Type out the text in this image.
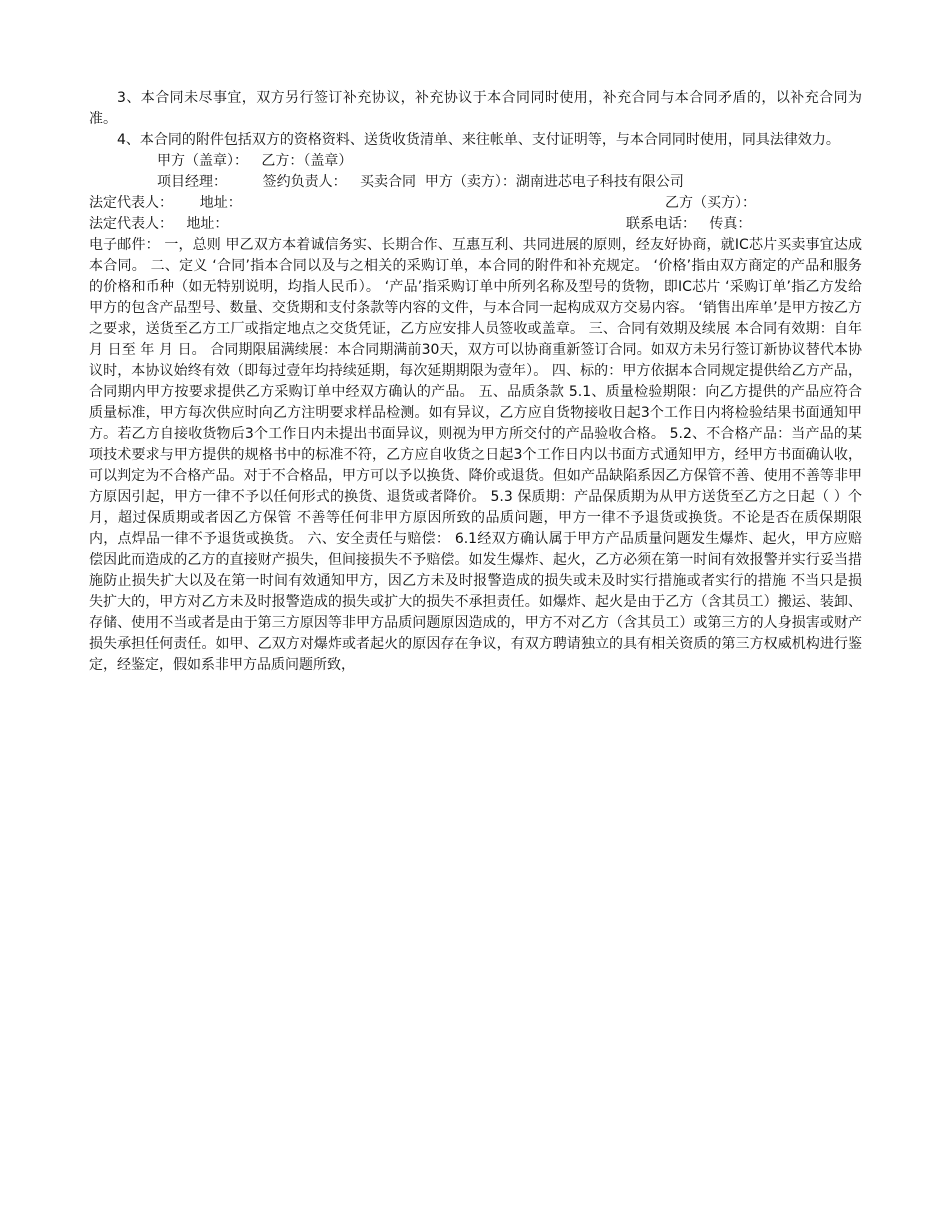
3、本合同未尽事宜，双方另行签订补充协议，补充协议于本合同同时使用，补充合同与本合同矛盾的，以补充合同为准。

4、本合同的附件包括双方的资格资料、送货收货清单、来往帐单、支付证明等，与本合同同时使用，同具法律效力。

甲方（盖章）：   乙方：（盖章）
项目经理：        签约负责人：   买卖合同  甲方（卖方）：湖南进芯电子科技有限公司

法定代表人：      地址：

	乙方（买方）：

法定代表人：   地址：

	联系电话：   传真：

电子邮件： 一，总则 甲乙双方本着诚信务实、长期合作、互惠互利、共同进展的原则，经友好协商，就IC芯片买卖事宜达成本合同。 二、定义 ‘合同’指本合同以及与之相关的采购订单，本合同的附件和补充规定。 ‘价格’指由双方商定的产品和服务的价格和币种（如无特别说明，均指人民币）。 ‘产品’指采购订单中所列名称及型号的货物，即IC芯片 ‘采购订单’指乙方发给甲方的包含产品型号、数量、交货期和支付条款等内容的文件，与本合同一起构成双方交易内容。 ‘销售出库单’是甲方按乙方之要求，送货至乙方工厂或指定地点之交货凭证，乙方应安排人员签收或盖章。 三、合同有效期及续展 本合同有效期：自年 月 日至 年 月 日。 合同期限届满续展：本合同期满前30天，双方可以协商重新签订合同。如双方未另行签订新协议替代本协议时，本协议始终有效（即每过壹年均持续延期，每次延期期限为壹年）。 四、标的：甲方依据本合同规定提供给乙方产品，合同期内甲方按要求提供乙方采购订单中经双方确认的产品。 五、品质条款 5.1、质量检验期限：向乙方提供的产品应符合质量标准，甲方每次供应时向乙方注明要求样品检测。如有异议，乙方应自货物接收日起3个工作日内将检验结果书面通知甲方。若乙方自接收货物后3个工作日内未提出书面异议，则视为甲方所交付的产品验收合格。 5.2、不合格产品：当产品的某项技术要求与甲方提供的规格书中的标准不符，乙方应自收货之日起3个工作日内以书面方式通知甲方，经甲方书面确认收，可以判定为不合格产品。对于不合格品，甲方可以予以换货、降价或退货。但如产品缺陷系因乙方保管不善、使用不善等非甲方原因引起，甲方一律不予以任何形式的换货、退货或者降价。 5.3 保质期：产品保质期为从甲方送货至乙方之日起（ ）个月，超过保质期或者因乙方保管 不善等任何非甲方原因所致的品质问题，甲方一律不予退货或换货。不论是否在质保期限内，点焊品一律不予退货或换货。 六、安全责任与赔偿： 6.1经双方确认属于甲方产品质量问题发生爆炸、起火，甲方应赔偿因此而造成的乙方的直接财产损失，但间接损失不予赔偿。如发生爆炸、起火，乙方必须在第一时间有效报警并实行妥当措施防止损失扩大以及在第一时间有效通知甲方，因乙方未及时报警造成的损失或未及时实行措施或者实行的措施 不当只是损失扩大的，甲方对乙方未及时报警造成的损失或扩大的损失不承担责任。如爆炸、起火是由于乙方（含其员工）搬运、装卸、存储、使用不当或者是由于第三方原因等非甲方品质问题原因造成的，甲方不对乙方（含其员工）或第三方的人身损害或财产损失承担任何责任。如甲、乙双方对爆炸或者起火的原因存在争议，有双方聘请独立的具有相关资质的第三方权威机构进行鉴定，经鉴定，假如系非甲方品质问题所致，
